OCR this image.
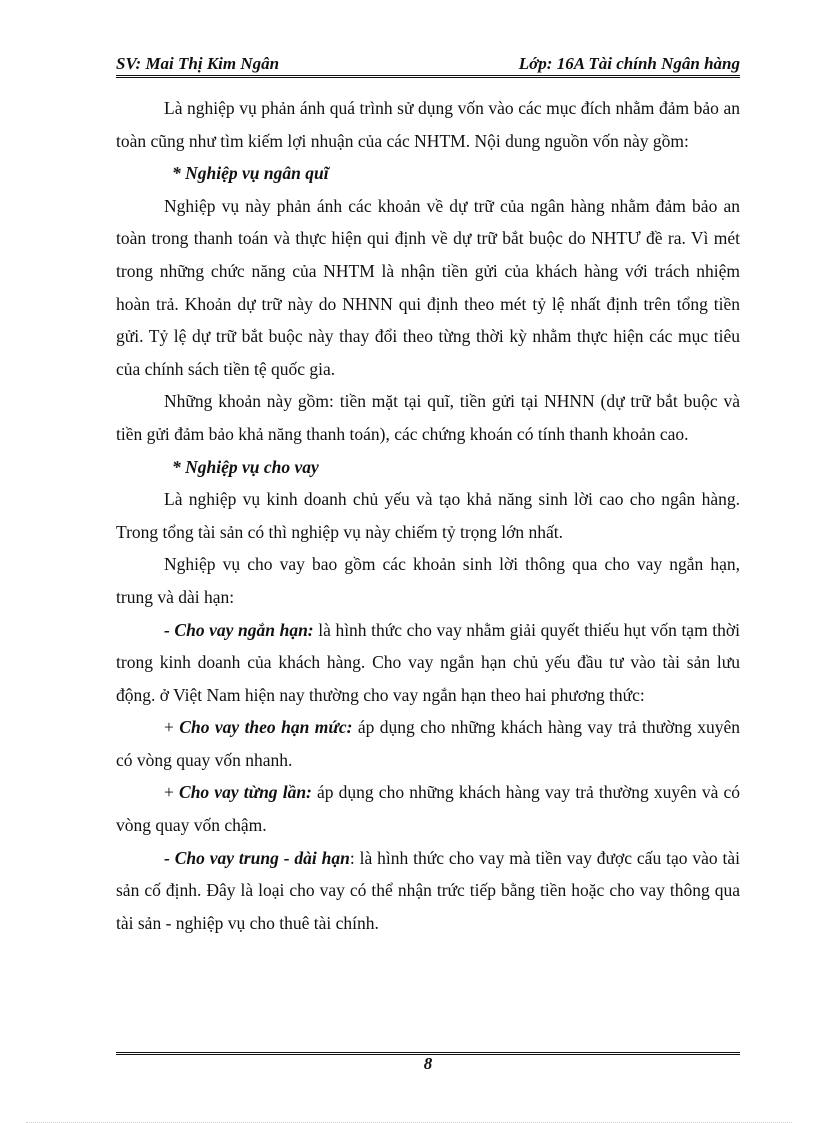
SV: Mai Thị Kim Ngân	Lớp: 16A Tài chính Ngân hàng

Là nghiệp vụ phản ánh quá trình sử dụng vốn vào các mục đích nhằm đảm bảo an toàn cũng như tìm kiếm lợi nhuận của các NHTM. Nội dung nguồn vốn này gồm:

* Nghiệp vụ ngân quĩ

Nghiệp vụ này phản ánh các khoản về dự trữ của ngân hàng nhằm đảm bảo an toàn trong thanh toán và thực hiện qui định về dự trữ bắt buộc do NHTƯ đề ra. Vì mét trong những chức năng của NHTM là nhận tiền gửi của khách hàng với trách nhiệm hoàn trả. Khoản dự trữ này do NHNN qui định theo mét tỷ lệ nhất định trên tổng tiền gửi. Tỷ lệ dự trữ bắt buộc này thay đổi theo từng thời kỳ nhằm thực hiện các mục tiêu của chính sách tiền tệ quốc gia.

Những khoản này gồm: tiền mặt tại quĩ, tiền gửi tại NHNN (dự trữ bắt buộc và tiền gửi đảm bảo khả năng thanh toán), các chứng khoán có tính thanh khoản cao.

* Nghiệp vụ cho vay

Là nghiệp vụ kinh doanh chủ yếu và tạo khả năng sinh lời cao cho ngân hàng. Trong tổng tài sản có thì nghiệp vụ này chiếm tỷ trọng lớn nhất.

Nghiệp vụ cho vay bao gồm các khoản sinh lời thông qua cho vay ngắn hạn, trung và dài hạn:

- Cho vay ngắn hạn: là hình thức cho vay nhằm giải quyết thiếu hụt vốn tạm thời trong kinh doanh của khách hàng. Cho vay ngắn hạn chủ yếu đầu tư vào tài sản lưu động. ở Việt Nam hiện nay thường cho vay ngắn hạn theo hai phương thức:

+ Cho vay theo hạn mức: áp dụng cho những khách hàng vay trả thường xuyên có vòng quay vốn nhanh.

+ Cho vay từng lần: áp dụng cho những khách hàng vay trả thường xuyên và có vòng quay vốn chậm.

- Cho vay trung - dài hạn: là hình thức cho vay mà tiền vay được cấu tạo vào tài sản cố định. Đây là loại cho vay có thể nhận trức tiếp bằng tiền hoặc cho vay thông qua tài sản - nghiệp vụ cho thuê tài chính.

8
